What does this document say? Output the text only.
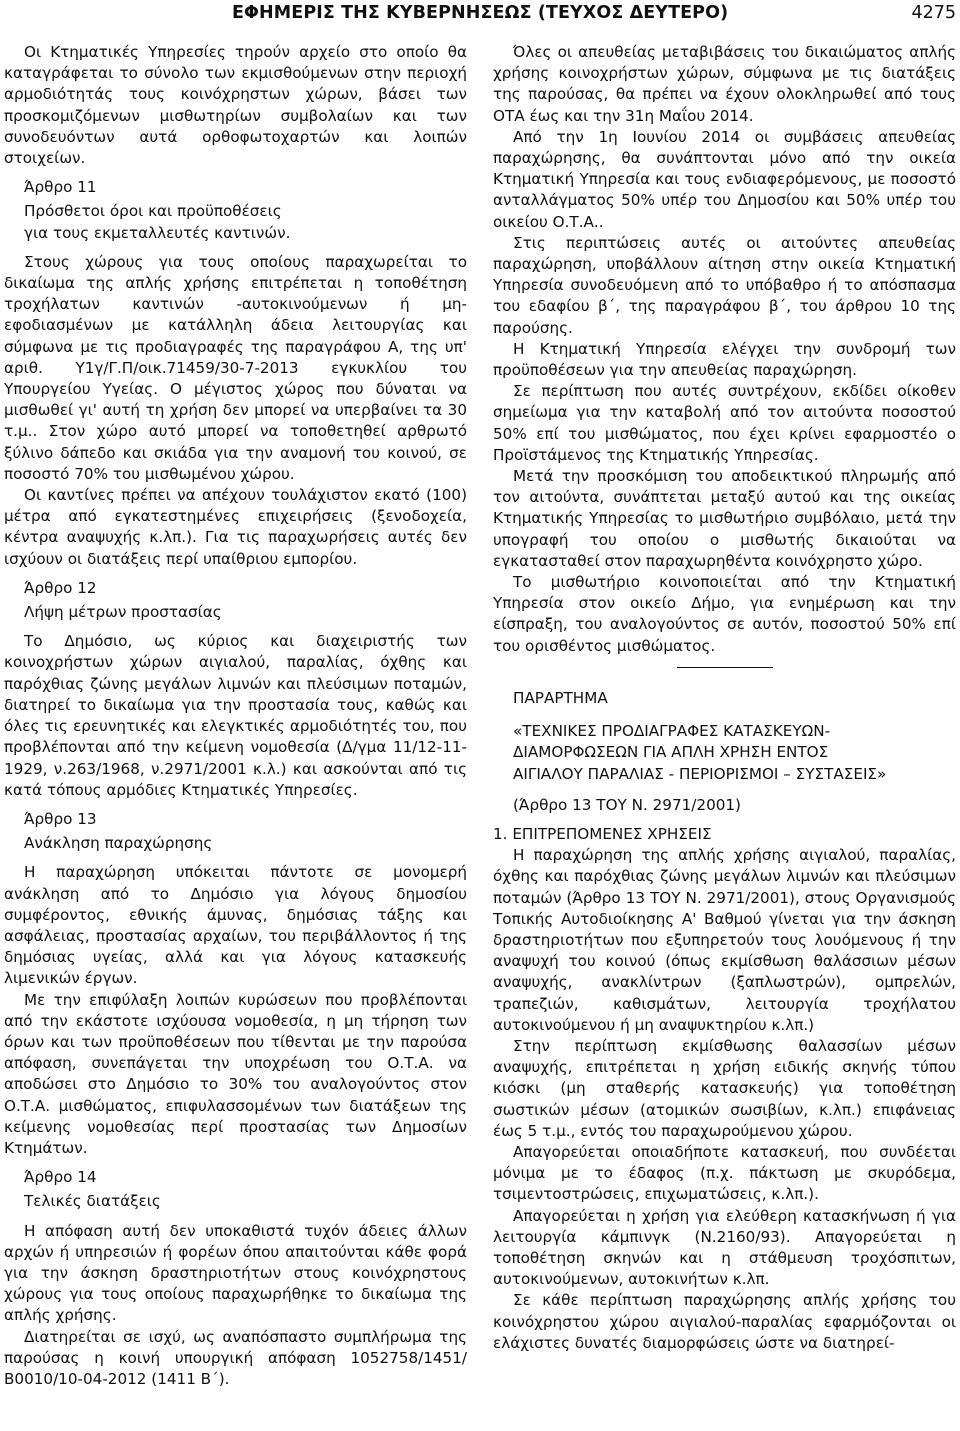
ΕΦΗΜΕΡΙΣ ΤΗΣ ΚΥΒΕΡΝΗΣΕΩΣ (ΤΕΥΧΟΣ ΔΕΥΤΕΡΟ)	4275

Οι Κτηματικές Υπηρεσίες τηρούν αρχείο στο οποίο θα καταγράφεται το σύνολο των εκμισθούμενων στην περιοχή αρμοδιότητάς τους κοινόχρηστων χώρων, βάσει των προσκομιζόμενων μισθωτηρίων συμβολαίων και των συνοδευόντων αυτά ορθοφωτοχαρτών και λοιπών στοιχείων.

Άρθρο 11

Πρόσθετοι όροι και προϋποθέσεις

για τους εκμεταλλευτές καντινών.

Στους χώρους για τους οποίους παραχωρείται το δικαίωμα της απλής χρήσης επιτρέπεται η τοποθέτηση τροχήλατων καντινών -αυτοκινούμενων ή μη- εφοδιασμένων με κατάλληλη άδεια λειτουργίας και σύμφωνα με τις προδιαγραφές της παραγράφου Α, της υπ' αριθ. Υ1γ/Γ.Π/οικ.71459/30-7-2013 εγκυκλίου του Υπουργείου Υγείας. Ο μέγιστος χώρος που δύναται να μισθωθεί γι' αυτή τη χρήση δεν μπορεί να υπερβαίνει τα 30 τ.μ.. Στον χώρο αυτό μπορεί να τοποθετηθεί αρθρωτό ξύλινο δάπεδο και σκιάδα για την αναμονή του κοινού, σε ποσοστό 70% του μισθωμένου χώρου.

Οι καντίνες πρέπει να απέχουν τουλάχιστον εκατό (100) μέτρα από εγκατεστημένες επιχειρήσεις (ξενοδοχεία, κέντρα αναψυχής κ.λπ.). Για τις παραχωρήσεις αυτές δεν ισχύουν οι διατάξεις περί υπαίθριου εμπορίου.

Άρθρο 12

Λήψη μέτρων προστασίας

Το Δημόσιο, ως κύριος και διαχειριστής των κοινοχρήστων χώρων αιγιαλού, παραλίας, όχθης και παρόχθιας ζώνης μεγάλων λιμνών και πλεύσιμων ποταμών, διατηρεί το δικαίωμα για την προστασία τους, καθώς και όλες τις ερευνητικές και ελεγκτικές αρμοδιότητές του, που προβλέπονται από την κείμενη νομοθεσία (Δ/γμα 11/12-11-1929, ν.263/1968, ν.2971/2001 κ.λ.) και ασκούνται από τις κατά τόπους αρμόδιες Κτηματικές Υπηρεσίες.

Άρθρο 13

Ανάκληση παραχώρησης

Η παραχώρηση υπόκειται πάντοτε σε μονομερή ανάκληση από το Δημόσιο για λόγους δημοσίου συμφέροντος, εθνικής άμυνας, δημόσιας τάξης και ασφάλειας, προστασίας αρχαίων, του περιβάλλοντος ή της δημόσιας υγείας, αλλά και για λόγους κατασκευής λιμενικών έργων.

Με την επιφύλαξη λοιπών κυρώσεων που προβλέπονται από την εκάστοτε ισχύουσα νομοθεσία, η μη τήρηση των όρων και των προϋποθέσεων που τίθενται με την παρούσα απόφαση, συνεπάγεται την υποχρέωση του Ο.Τ.Α. να αποδώσει στο Δημόσιο το 30% του αναλογούντος στον Ο.Τ.Α. μισθώματος, επιφυλασσομένων των διατάξεων της κείμενης νομοθεσίας περί προστασίας των Δημοσίων Κτημάτων.

Άρθρο 14

Τελικές διατάξεις

Η απόφαση αυτή δεν υποκαθιστά τυχόν άδειες άλλων αρχών ή υπηρεσιών ή φορέων όπου απαιτούνται κάθε φορά για την άσκηση δραστηριοτήτων στους κοινόχρηστους χώρους για τους οποίους παραχωρήθηκε το δικαίωμα της απλής χρήσης.

Διατηρείται σε ισχύ, ως αναπόσπαστο συμπλήρωμα της παρούσας η κοινή υπουργική απόφαση 1052758/1451/Β0010/10-04-2012 (1411 Β΄).

Όλες οι απευθείας μεταβιβάσεις του δικαιώματος απλής χρήσης κοινοχρήστων χώρων, σύμφωνα με τις διατάξεις της παρούσας, θα πρέπει να έχουν ολοκληρωθεί από τους ΟΤΑ έως και την 31η Μαΐου 2014.

Από την 1η Ιουνίου 2014 οι συμβάσεις απευθείας παραχώρησης, θα συνάπτονται μόνο από την οικεία Κτηματική Υπηρεσία και τους ενδιαφερόμενους, με ποσοστό ανταλλάγματος 50% υπέρ του Δημοσίου και 50% υπέρ του οικείου Ο.Τ.Α..

Στις περιπτώσεις αυτές οι αιτούντες απευθείας παραχώρηση, υποβάλλουν αίτηση στην οικεία Κτηματική Υπηρεσία συνοδευόμενη από το υπόβαθρο ή το απόσπασμα του εδαφίου β΄, της παραγράφου β΄, του άρθρου 10 της παρούσης.

Η Κτηματική Υπηρεσία ελέγχει την συνδρομή των προϋποθέσεων για την απευθείας παραχώρηση.

Σε περίπτωση που αυτές συντρέχουν, εκδίδει οίκοθεν σημείωμα για την καταβολή από τον αιτούντα ποσοστού 50% επί του μισθώματος, που έχει κρίνει εφαρμοστέο ο Προϊστάμενος της Κτηματικής Υπηρεσίας.

Μετά την προσκόμιση του αποδεικτικού πληρωμής από τον αιτούντα, συνάπτεται μεταξύ αυτού και της οικείας Κτηματικής Υπηρεσίας το μισθωτήριο συμβόλαιο, μετά την υπογραφή του οποίου ο μισθωτής δικαιούται να εγκατασταθεί στον παραχωρηθέντα κοινόχρηστο χώρο.

Το μισθωτήριο κοινοποιείται από την Κτηματική Υπηρεσία στον οικείο Δήμο, για ενημέρωση και την είσπραξη, του αναλογούντος σε αυτόν, ποσοστού 50% επί του ορισθέντος μισθώματος.

ΠΑΡΑΡΤΗΜΑ

«ΤΕΧΝΙΚΕΣ ΠΡΟΔΙΑΓΡΑΦΕΣ ΚΑΤΑΣΚΕΥΩΝ-

ΔΙΑΜΟΡΦΩΣΕΩΝ ΓΙΑ ΑΠΛΗ ΧΡΗΣΗ ΕΝΤΟΣ

ΑΙΓΙΑΛΟΥ ΠΑΡΑΛΙΑΣ - ΠΕΡΙΟΡΙΣΜΟΙ – ΣΥΣΤΑΣΕΙΣ»

(Άρθρο 13 ΤΟΥ Ν. 2971/2001)

1. ΕΠΙΤΡΕΠΟΜΕΝΕΣ ΧΡΗΣΕΙΣ

Η παραχώρηση της απλής χρήσης αιγιαλού, παραλίας, όχθης και παρόχθιας ζώνης μεγάλων λιμνών και πλεύσιμων ποταμών (Άρθρο 13 ΤΟΥ Ν. 2971/2001), στους Οργανισμούς Τοπικής Αυτοδιοίκησης Α' Βαθμού γίνεται για την άσκηση δραστηριοτήτων που εξυπηρετούν τους λουόμενους ή την αναψυχή του κοινού (όπως εκμίσθωση θαλάσσιων μέσων αναψυχής, ανακλίντρων (ξαπλωστρών), ομπρελών, τραπεζιών, καθισμάτων, λειτουργία τροχήλατου αυτοκινούμενου ή μη αναψυκτηρίου κ.λπ.)

Στην περίπτωση εκμίσθωσης θαλασσίων μέσων αναψυχής, επιτρέπεται η χρήση ειδικής σκηνής τύπου κιόσκι (μη σταθερής κατασκευής) για τοποθέτηση σωστικών μέσων (ατομικών σωσιβίων, κ.λπ.) επιφάνειας έως 5 τ.μ., εντός του παραχωρούμενου χώρου.

Απαγορεύεται οποιαδήποτε κατασκευή, που συνδέεται μόνιμα με το έδαφος (π.χ. πάκτωση με σκυρόδεμα, τσιμεντοστρώσεις, επιχωματώσεις, κ.λπ.).

Απαγορεύεται η χρήση για ελεύθερη κατασκήνωση ή για λειτουργία κάμπινγκ (Ν.2160/93). Απαγορεύεται η τοποθέτηση σκηνών και η στάθμευση τροχόσπιτων, αυτοκινούμενων, αυτοκινήτων κ.λπ.

Σε κάθε περίπτωση παραχώρησης απλής χρήσης του κοινόχρηστου χώρου αιγιαλού-παραλίας εφαρμόζονται οι ελάχιστες δυνατές διαμορφώσεις ώστε να διατηρεί-
